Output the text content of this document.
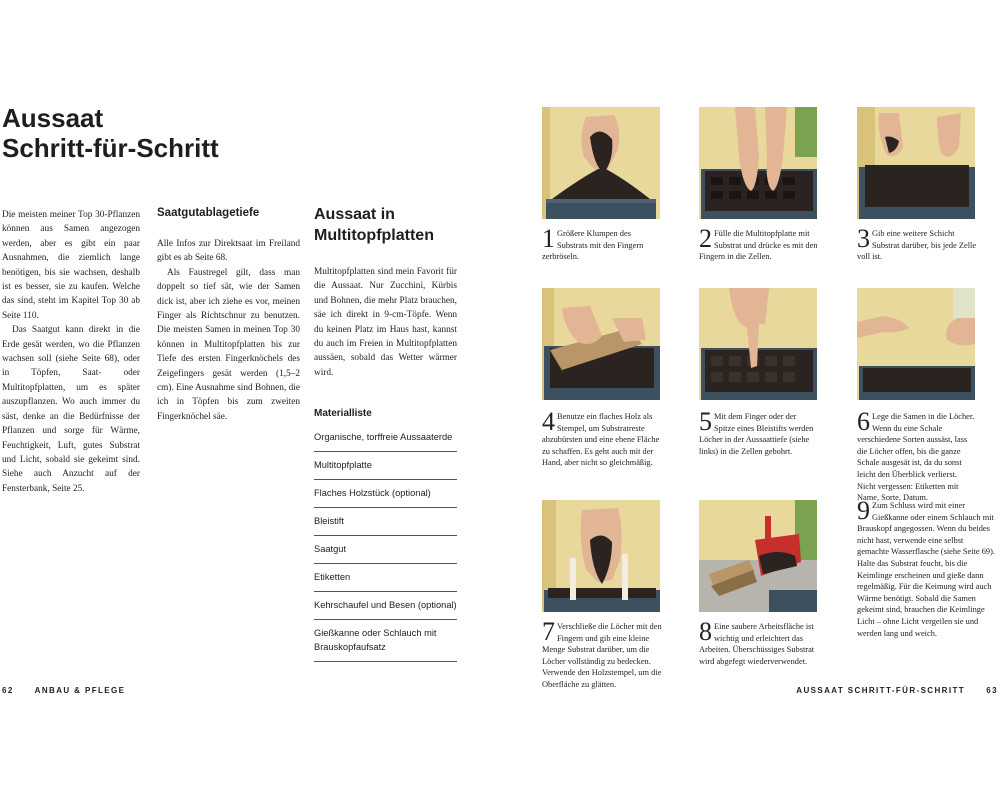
Aussaat
Schritt-für-Schritt

Die meisten meiner Top 30-Pflanzen können aus Samen angezogen werden, aber es gibt ein paar Ausnahmen, die ziemlich lange benötigen, bis sie wachsen, deshalb ist es besser, sie zu kaufen. Welche das sind, steht im Kapitel Top 30 ab Seite 110.

Das Saatgut kann direkt in die Erde gesät werden, wo die Pflanzen wachsen soll (siehe Seite 68), oder in Töpfen, Saat- oder Multitopfplatten, um es später auszupflanzen. Wo auch immer du säst, denke an die Bedürfnisse der Pflanzen und sorge für Wärme, Feuchtigkeit, Luft, gutes Substrat und Licht, sobald sie gekeimt sind. Siehe auch Anzucht auf der Fensterbank, Seite 25.

Saatgutablagetiefe

Alle Infos zur Direktsaat im Freiland gibt es ab Seite 68.

Als Faustregel gilt, dass man doppelt so tief sät, wie der Samen dick ist, aber ich ziehe es vor, meinen Finger als Richtschnur zu benutzen. Die meisten Samen in meinen Top 30 können in Multitopfplatten bis zur Tiefe des ersten Fingerknöchels des Zeigefingers gesät werden (1,5–2 cm). Eine Ausnahme sind Bohnen, die ich in Töpfen bis zum zweiten Fingerknöchel säe.

Aussaat in
Multitopfplatten

Multitopfplatten sind mein Favorit für die Aussaat. Nur Zucchini, Kürbis und Bohnen, die mehr Platz brauchen, säe ich direkt in 9-cm-Töpfe. Wenn du keinen Platz im Haus hast, kannst du auch im Freien in Multitopfplatten aussäen, sobald das Wetter wärmer wird.

Materialliste
Organische, torffreie Aussaaterde
Multitopfplatte
Flaches Holzstück (optional)
Bleistift
Saatgut
Etiketten
Kehrschaufel und Besen (optional)
Gießkanne oder Schlauch mit Brauskopfaufsatz
62	ANBAU & PFLEGE
1 Größere Klumpen des Substrats mit den Fingern zerbröseln.
2 Fülle die Multitopfplatte mit Substrat und drücke es mit den Fingern in die Zellen.
3 Gib eine weitere Schicht Substrat darüber, bis jede Zelle voll ist.
4 Benutze ein flaches Holz als Stempel, um Substratreste abzubürsten und eine ebene Fläche zu schaffen. Es geht auch mit der Hand, aber nicht so gleichmäßig.
5 Mit dem Finger oder der Spitze eines Bleistifts werden Löcher in der Aussaattiefe (siehe links) in die Zellen gebohrt.
6 Lege die Samen in die Löcher. Wenn du eine Schale verschiedene Sorten aussäst, lass die Löcher offen, bis die ganze Schale ausgesät ist, da du sonst leicht den Überblick verlierst. Nicht vergessen: Etiketten mit Name, Sorte, Datum.
7 Verschließe die Löcher mit den Fingern und gib eine kleine Menge Substrat darüber, um die Löcher vollständig zu bedecken. Verwende den Holzstempel, um die Oberfläche zu glätten.
8 Eine saubere Arbeitsfläche ist wichtig und erleichtert das Arbeiten. Überschüssiges Substrat wird abgefegt wiederverwendet.
9 Zum Schluss wird mit einer Gießkanne oder einem Schlauch mit Brauskopf angegossen. Wenn du beides nicht hast, verwende eine selbst gemachte Wasserflasche (siehe Seite 69). Halte das Substrat feucht, bis die Keimlinge erscheinen und gieße dann regelmäßig. Für die Keimung wird auch Wärme benötigt. Sobald die Samen gekeimt sind, brauchen die Keimlinge Licht – ohne Licht vergeilen sie und werden lang und weich.
AUSSAAT SCHRITT-FÜR-SCHRITT	63
